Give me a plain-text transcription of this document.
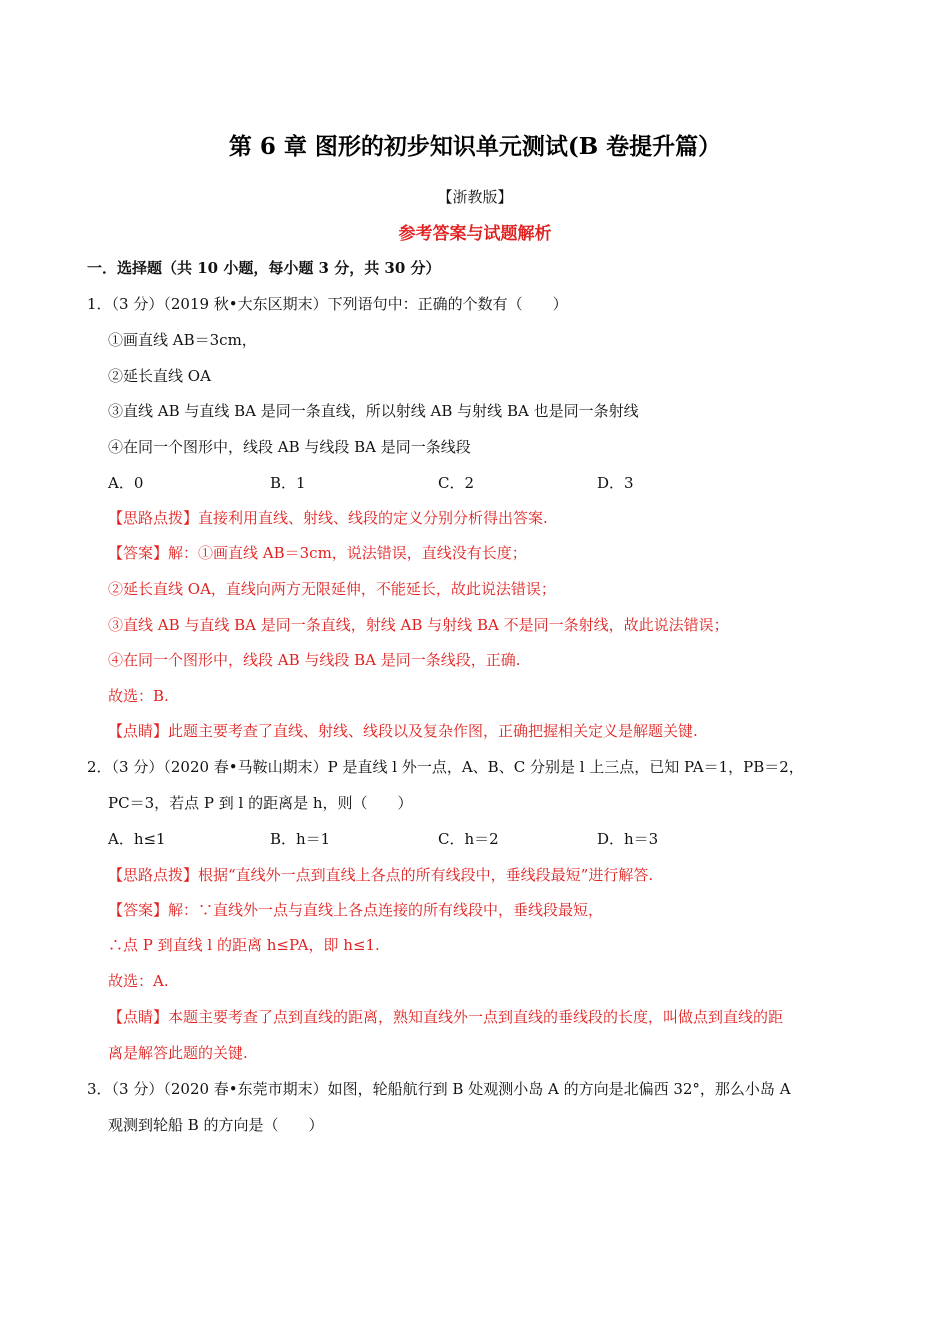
第 6 章 图形的初步知识单元测试(B 卷提升篇）
【浙教版】
参考答案与试题解析
一．选择题（共 10 小题，每小题 3 分，共 30 分）
1．（3 分）（2019 秋•大东区期末）下列语句中：正确的个数有（　　）
①画直线 AB＝3cm，
②延长直线 OA
③直线 AB 与直线 BA 是同一条直线，所以射线 AB 与射线 BA 也是同一条射线
④在同一个图形中，线段 AB 与线段 BA 是同一条线段
A．0	B．1	C．2	D．3
【思路点拨】直接利用直线、射线、线段的定义分别分析得出答案.
【答案】解：①画直线 AB＝3cm，说法错误，直线没有长度；
②延长直线 OA，直线向两方无限延伸，不能延长，故此说法错误；
③直线 AB 与直线 BA 是同一条直线，射线 AB 与射线 BA 不是同一条射线，故此说法错误；
④在同一个图形中，线段 AB 与线段 BA 是同一条线段，正确.
故选：B.
【点睛】此题主要考查了直线、射线、线段以及复杂作图，正确把握相关定义是解题关键.
2．（3 分）（2020 春•马鞍山期末）P 是直线 l 外一点，A、B、C 分别是 l 上三点，已知 PA＝1，PB＝2，
PC＝3，若点 P 到 l 的距离是 h，则（　　）
A．h≤1	B．h＝1	C．h＝2	D．h＝3
【思路点拨】根据“直线外一点到直线上各点的所有线段中，垂线段最短”进行解答.
【答案】解：∵直线外一点与直线上各点连接的所有线段中，垂线段最短，
∴点 P 到直线 l 的距离 h≤PA，即 h≤1.
故选：A.
【点睛】本题主要考查了点到直线的距离，熟知直线外一点到直线的垂线段的长度，叫做点到直线的距
离是解答此题的关键.
3．（3 分）（2020 春•东莞市期末）如图，轮船航行到 B 处观测小岛 A 的方向是北偏西 32°，那么小岛 A
观测到轮船 B 的方向是（　　）
